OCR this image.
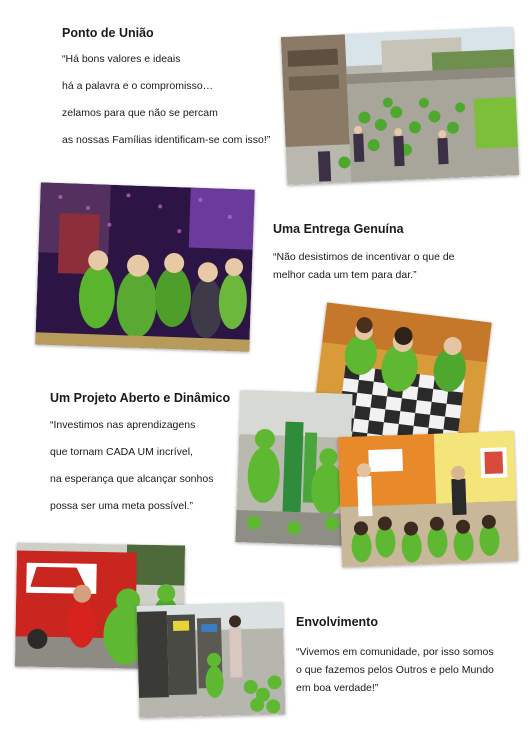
Ponto de União
“Há bons valores e ideais
há a palavra e o compromisso…
zelamos para que não se percam
as nossas Famílias identificam-se com isso!”
Uma Entrega Genuína
“Não desistimos de incentivar o que de
melhor cada um tem para dar.”
Um Projeto Aberto e Dinâmico
“Investimos nas aprendizagens
que tornam CADA UM incrível,
na esperança que alcançar sonhos
possa ser uma meta possível.”
Envolvimento
“Vivemos em comunidade, por isso somos
o que fazemos pelos Outros e pelo Mundo
em boa verdade!”
